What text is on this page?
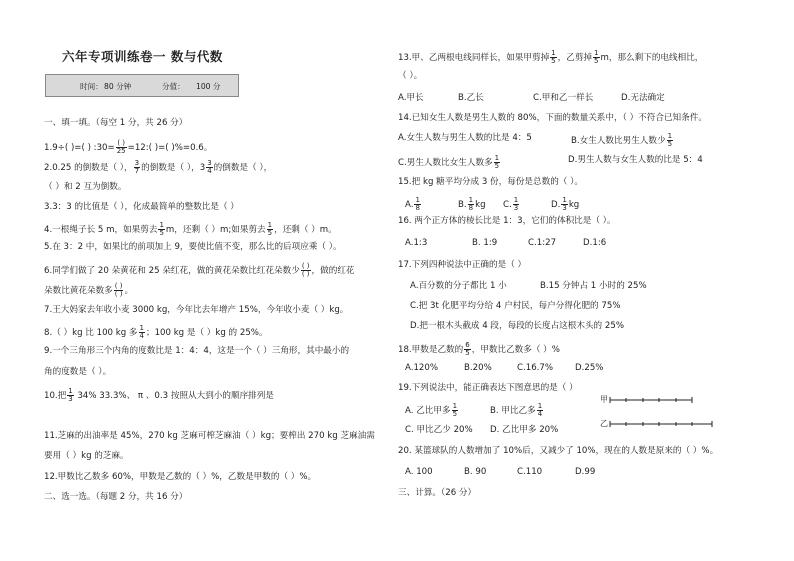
六年专项训练卷一 数与代数
时间： 80 分钟	分值： 100 分
一、填一填。（每空 1 分，共 26 分）
1.9÷( )=( ) :30= ( )
25 =12:( )=( )%=0.6。
2.0.25 的倒数是（ ）， $\frac{3}{7}$ 的倒数是（ ），$3 \frac{3}{4}$ 的倒数是（ ），
（ ）和 2 互为倒数。
3.3：3 的比值是（ ），化成最简单的整数比是（ ）
4.一根绳子长 5 m，如果剪去 $\frac{1}{5}$ m，还剩（ ）m;如果剪去 $\frac{1}{5}$ ，还剩（ ）m。
5.在 3：2 中，如果比的前项加上 9，要使比值不变，那么比的后项应乘（ ）。
6.同学们做了 20 朵黄花和 25 朵红花，做的黄花朵数比红花朵数少 ( )
( ) ，做的红花
朵数比黄花朵数多 ( )
( ) 。
7.王大妈家去年收小麦 3000 kg，今年比去年增产 15%，今年收小麦（ ）kg。
8.（ ）kg 比 100 kg 多 $\frac{1}{4}$ ；100 kg 是（ ）kg 的 25%。
9.一个三角形三个内角的度数比是 1：4：4，这是一个（ ）三角形，其中最小的
角的度数是（ ）。
10.把 $\frac{1}{3} 34\%$ 33.3%、 π 、0.3 按照从大到小的顺序排列是
11.芝麻的出油率是 45%，270 kg 芝麻可榨芝麻油（ ）kg；要榨出 270 kg 芝麻油需
要用（ ）kg 的芝麻。
12.甲数比乙数多 60%，甲数是乙数的（ ）%，乙数是甲数的（ ）%。
二、选一选。（每题 2 分，共 16 分）
13.甲、乙两根电线同样长，如果甲剪掉 $\frac{1}{5}$ ，乙剪掉 $\frac{1}{5}$ m，那么剩下的电线相比，
（ ）。
A.甲长	B.乙长	C.甲和乙一样长	D.无法确定
14.已知女生人数是男生人数的 80%，下面的数量关系中，（ ）不符合已知条件。
A.女生人数与男生人数的比是 4：5	B.女生人数比男生人数少 $\frac{1}{5}$
C.男生人数比女生人数多 $\frac{1}{5}$	D.男生人数与女生人数的比是 5：4
15.把 kg 糖平均分成 3 份，每份是总数的（ ）。
A. $\frac{1}{8}$	B. $\frac{1}{8}$ kg C. $\frac{1}{3}$	D. $\frac{1}{3}$ kg
16. 两个正方体的棱长比是 1：3，它们的体积比是（ ）。
A.1:3	B. 1:9	C.1:27	D.1:6
17.下列四种说法中正确的是（ ）
A.百分数的分子都比 1 小	B.15 分钟占 1 小时的 25%
C.把 3t 化肥平均分给 4 户村民，每户分得化肥的 75%
D.把一根木头截成 4 段，每段的长度占这根木头的 25%
18.甲数是乙数的 $\frac{6}{5}$ ，甲数比乙数多（ ）%
A.120%	B.20%	C.16.7%	D.25%
19.下列说法中，能正确表达下图意思的是（ ）
A. 乙比甲多 $\frac{1}{5}$	B. 甲比乙多 $\frac{1}{4}$
C. 甲比乙少 20% D. 乙比甲多 20%
甲
乙
20. 某篮球队的人数增加了 10%后，又减少了 10%，现在的人数是原来的（ ）%。
A. 100	B. 90	C.110	D.99
三、计算。（26 分）
